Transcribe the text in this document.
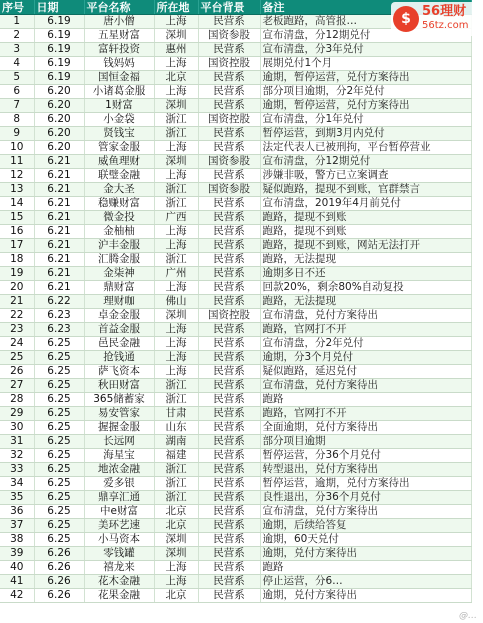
序号	日期	平台名称	所在地	平台背景	备注
1	6.19	唐小僧	上海	民营系	老板跑路，高管报…
2	6.19	五星财富	深圳	国资参股	宣布清盘，分12期兑付
3	6.19	富轩投资	惠州	民营系	宣布清盘，分3年兑付
4	6.19	钱妈妈	上海	国资控股	展期兑付1个月
5	6.19	国恒金福	北京	民营系	逾期，暂停运营，兑付方案待出
6	6.20	小诸葛金服	上海	民营系	部分项目逾期，分2年兑付
7	6.20	1财富	深圳	民营系	逾期，暂停运营，兑付方案待出
8	6.20	小金袋	浙江	国资控股	宣布清盘，分1年兑付
9	6.20	贤钱宝	浙江	民营系	暂停运营，到期3月内兑付
10	6.20	管家金服	上海	民营系	法定代表人已被刑拘，平台暂停营业
11	6.21	威鱼理财	深圳	国资参股	宣布清盘，分12期兑付
12	6.21	联璧金融	上海	民营系	涉嫌非吸，警方已立案调查
13	6.21	金大圣	浙江	国资参股	疑似跑路，提现不到账，官群禁言
14	6.21	稳赚财富	浙江	民营系	宣布清盘，2019年4月前兑付
15	6.21	微金投	广西	民营系	跑路，提现不到账
16	6.21	金柚柚	上海	民营系	跑路，提现不到账
17	6.21	沪丰金服	上海	民营系	跑路，提现不到账，网站无法打开
18	6.21	汇腾金服	浙江	民营系	跑路，无法提现
19	6.21	金柒神	广州	民营系	逾期多日不还
20	6.21	鼎财富	上海	民营系	回款20%，剩余80%自动复投
21	6.22	理财咖	佛山	民营系	跑路，无法提现
22	6.23	卓金金服	深圳	国资控股	宣布清盘，兑付方案待出
23	6.23	首益金服	上海	民营系	跑路，官网打不开
24	6.25	邑民金融	上海	民营系	宣布清盘，分2年兑付
25	6.25	抢钱通	上海	民营系	逾期，分3个月兑付
26	6.25	萨飞资本	上海	民营系	疑似跑路，延迟兑付
27	6.25	秋田财富	浙江	民营系	宣布清盘，兑付方案待出
28	6.25	365储蓄家	浙江	民营系	跑路
29	6.25	易安管家	甘肃	民营系	跑路，官网打不开
30	6.25	握握金服	山东	民营系	全面逾期，兑付方案待出
31	6.25	长远网	湖南	民营系	部分项目逾期
32	6.25	海星宝	福建	民营系	暂停运营，分36个月兑付
33	6.25	地浓金融	浙江	民营系	转型退出，兑付方案待出
34	6.25	爱多银	浙江	民营系	暂停运营，逾期，兑付方案待出
35	6.25	鼎享汇通	浙江	民营系	良性退出，分36个月兑付
36	6.25	中e财富	北京	民营系	宣布清盘，兑付方案待出
37	6.25	美环艺速	北京	民营系	逾期，后续给答复
38	6.25	小马资本	深圳	民营系	逾期，60天兑付
39	6.26	零钱罐	深圳	民营系	逾期，兑付方案待出
40	6.26	禧龙来	上海	民营系	跑路
41	6.26	花木金融	上海	民营系	停止运营，分6…
42	6.26	花果金融	北京	民营系	逾期，兑付方案待出
$ 56理财
56tz.com
@…
